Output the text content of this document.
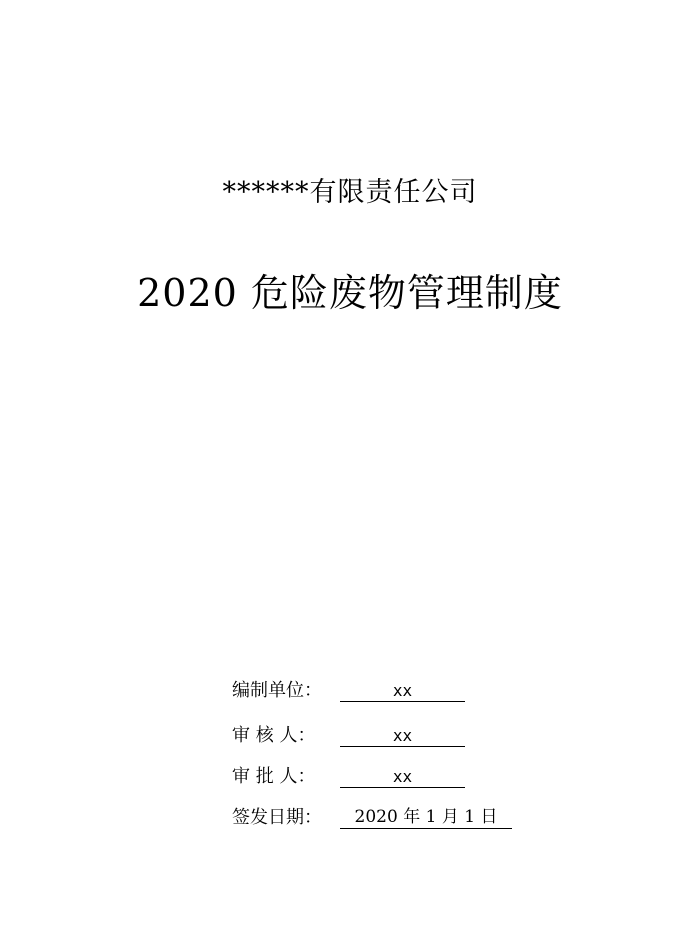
******有限责任公司
2020 危险废物管理制度
编制单位：	xx
审 核 人：	xx
审 批 人：	xx
签发日期： 2020 年 1 月 1 日
